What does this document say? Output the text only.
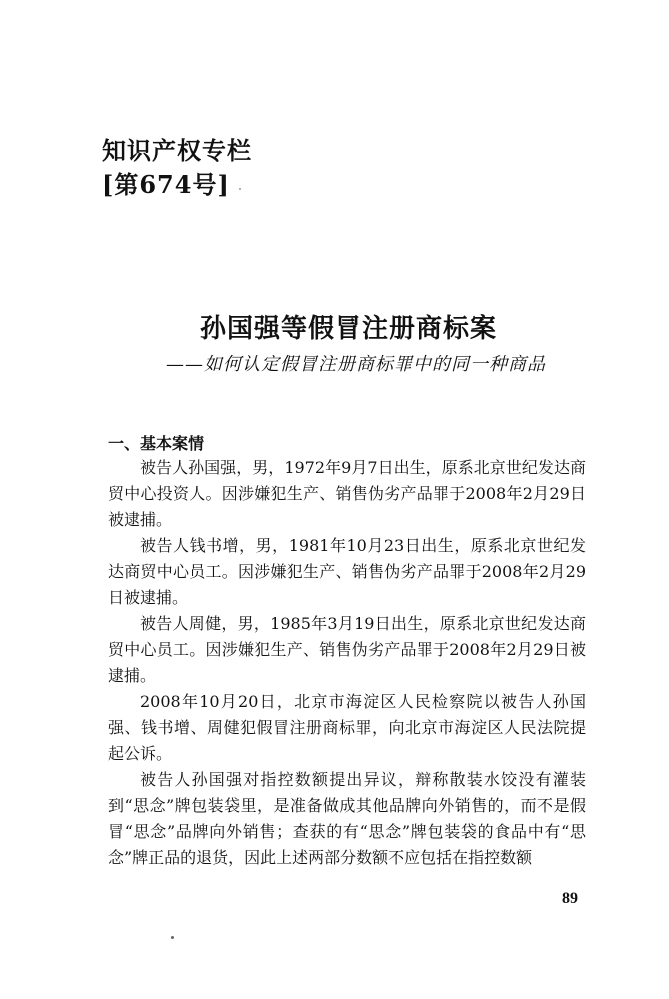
知识产权专栏
[第674号]
孙国强等假冒注册商标案
——如何认定假冒注册商标罪中的同一种商品
一、基本案情

被告人孙国强，男，1972年9月7日出生，原系北京世纪发达商贸中心投资人。因涉嫌犯生产、销售伪劣产品罪于2008年2月29日被逮捕。

被告人钱书增，男，1981年10月23日出生，原系北京世纪发达商贸中心员工。因涉嫌犯生产、销售伪劣产品罪于2008年2月29日被逮捕。

被告人周健，男，1985年3月19日出生，原系北京世纪发达商贸中心员工。因涉嫌犯生产、销售伪劣产品罪于2008年2月29日被逮捕。

2008年10月20日，北京市海淀区人民检察院以被告人孙国强、钱书增、周健犯假冒注册商标罪，向北京市海淀区人民法院提起公诉。

被告人孙国强对指控数额提出异议，辩称散装水饺没有灌装到“思念”牌包装袋里，是准备做成其他品牌向外销售的，而不是假冒“思念”品牌向外销售；查获的有“思念”牌包装袋的食品中有“思念”牌正品的退货，因此上述两部分数额不应包括在指控数额

89
